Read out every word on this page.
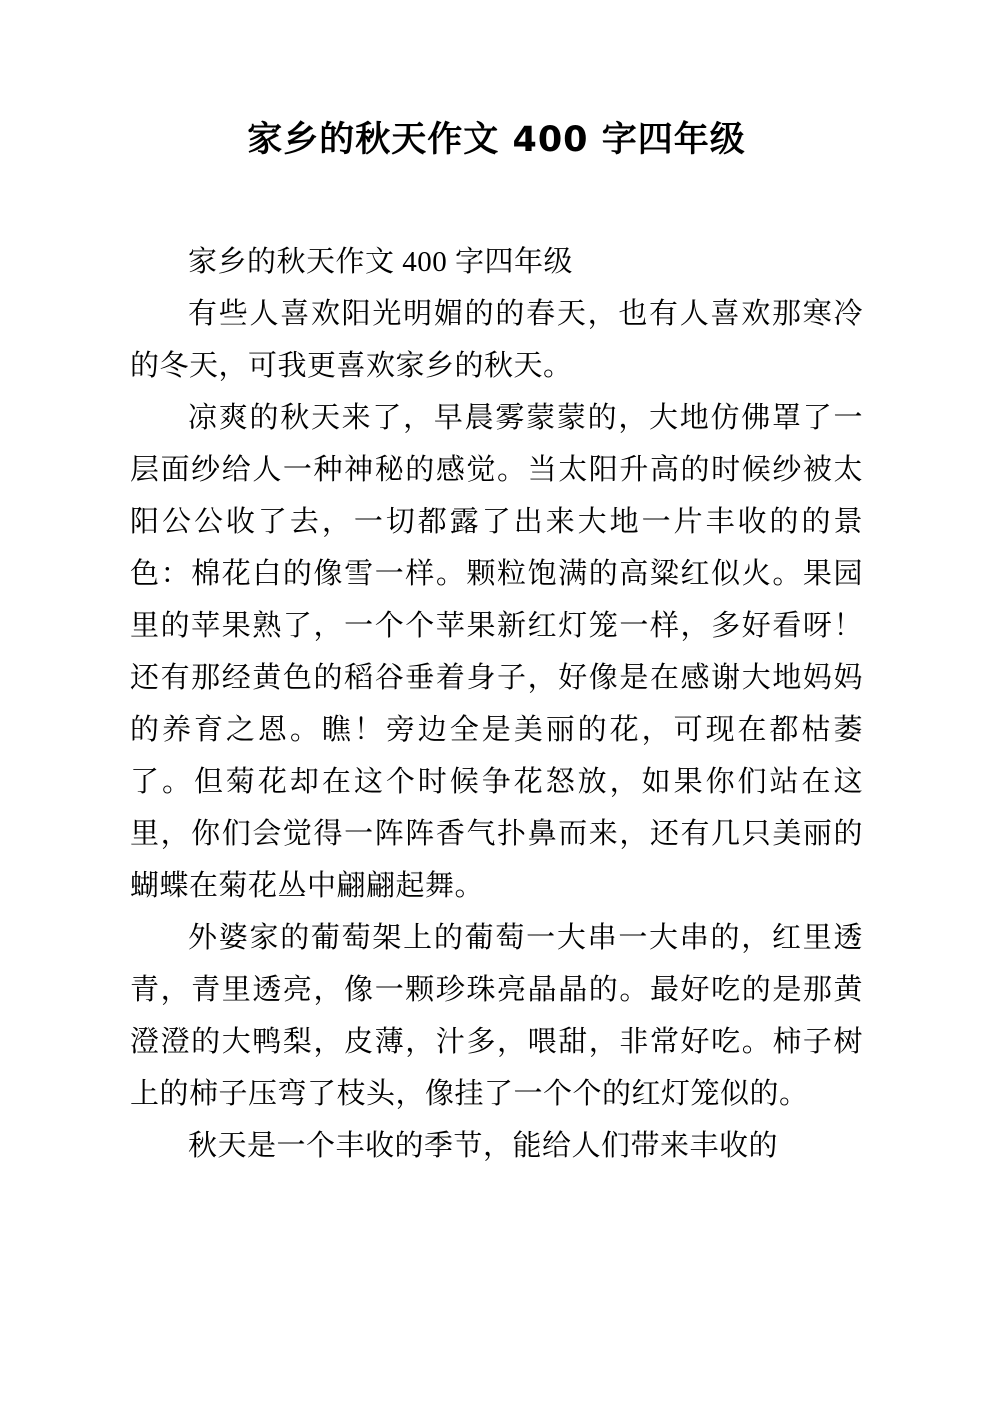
家乡的秋天作文 400 字四年级

家乡的秋天作文 400 字四年级

有些人喜欢阳光明媚的的春天，也有人喜欢那寒冷的冬天，可我更喜欢家乡的秋天。

凉爽的秋天来了，早晨雾蒙蒙的，大地仿佛罩了一层面纱给人一种神秘的感觉。当太阳升高的时候纱被太阳公公收了去，一切都露了出来大地一片丰收的的景色：棉花白的像雪一样。颗粒饱满的高粱红似火。果园里的苹果熟了，一个个苹果新红灯笼一样，多好看呀！还有那经黄色的稻谷垂着身子，好像是在感谢大地妈妈的养育之恩。瞧！旁边全是美丽的花，可现在都枯萎了。但菊花却在这个时候争花怒放，如果你们站在这里，你们会觉得一阵阵香气扑鼻而来，还有几只美丽的蝴蝶在菊花丛中翩翩起舞。

外婆家的葡萄架上的葡萄一大串一大串的，红里透青，青里透亮，像一颗珍珠亮晶晶的。最好吃的是那黄澄澄的大鸭梨，皮薄，汁多，喂甜，非常好吃。柿子树上的柿子压弯了枝头，像挂了一个个的红灯笼似的。

秋天是一个丰收的季节，能给人们带来丰收的
